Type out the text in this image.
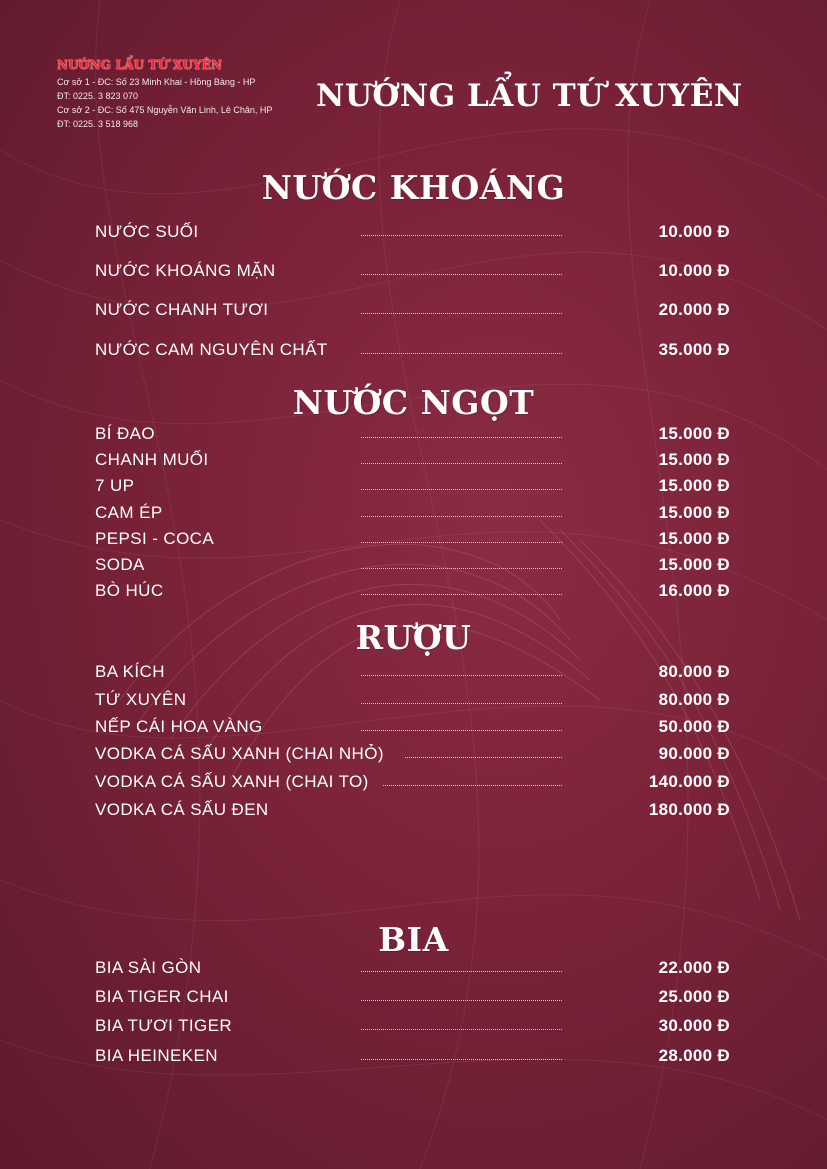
NƯỚNG LẨU TỨ XUYÊN
Cơ sở 1 - ĐC: Số 23 Minh Khai - Hồng Bàng - HP
ĐT: 0225. 3 823 070
Cơ sở 2 - ĐC: Số 475 Nguyễn Văn Linh, Lê Chân, HP
ĐT: 0225. 3 518 968
NƯỚNG LẨU TỨ XUYÊN
NƯỚC KHOÁNG
NƯỚC SUỐI	10.000 Đ
NƯỚC KHOÁNG MẶN	10.000 Đ
NƯỚC CHANH TƯƠI	20.000 Đ
NƯỚC CAM NGUYÊN CHẤT	35.000 Đ
NƯỚC NGỌT
BÍ ĐAO	15.000 Đ
CHANH MUỐI	15.000 Đ
7 UP	15.000 Đ
CAM ÉP	15.000 Đ
PEPSI - COCA	15.000 Đ
SODA	15.000 Đ
BÒ HÚC	16.000 Đ
RƯỢU
BA KÍCH	80.000 Đ
TỨ XUYÊN	80.000 Đ
NẾP CÁI HOA VÀNG	50.000 Đ
VODKA CÁ SẤU XANH (CHAI NHỎ)	90.000 Đ
VODKA CÁ SẤU XANH (CHAI TO)	140.000 Đ
VODKA CÁ SẤU ĐEN	180.000 Đ
BIA
BIA SÀI GÒN	22.000 Đ
BIA TIGER CHAI	25.000 Đ
BIA TƯƠI TIGER	30.000 Đ
BIA HEINEKEN	28.000 Đ
